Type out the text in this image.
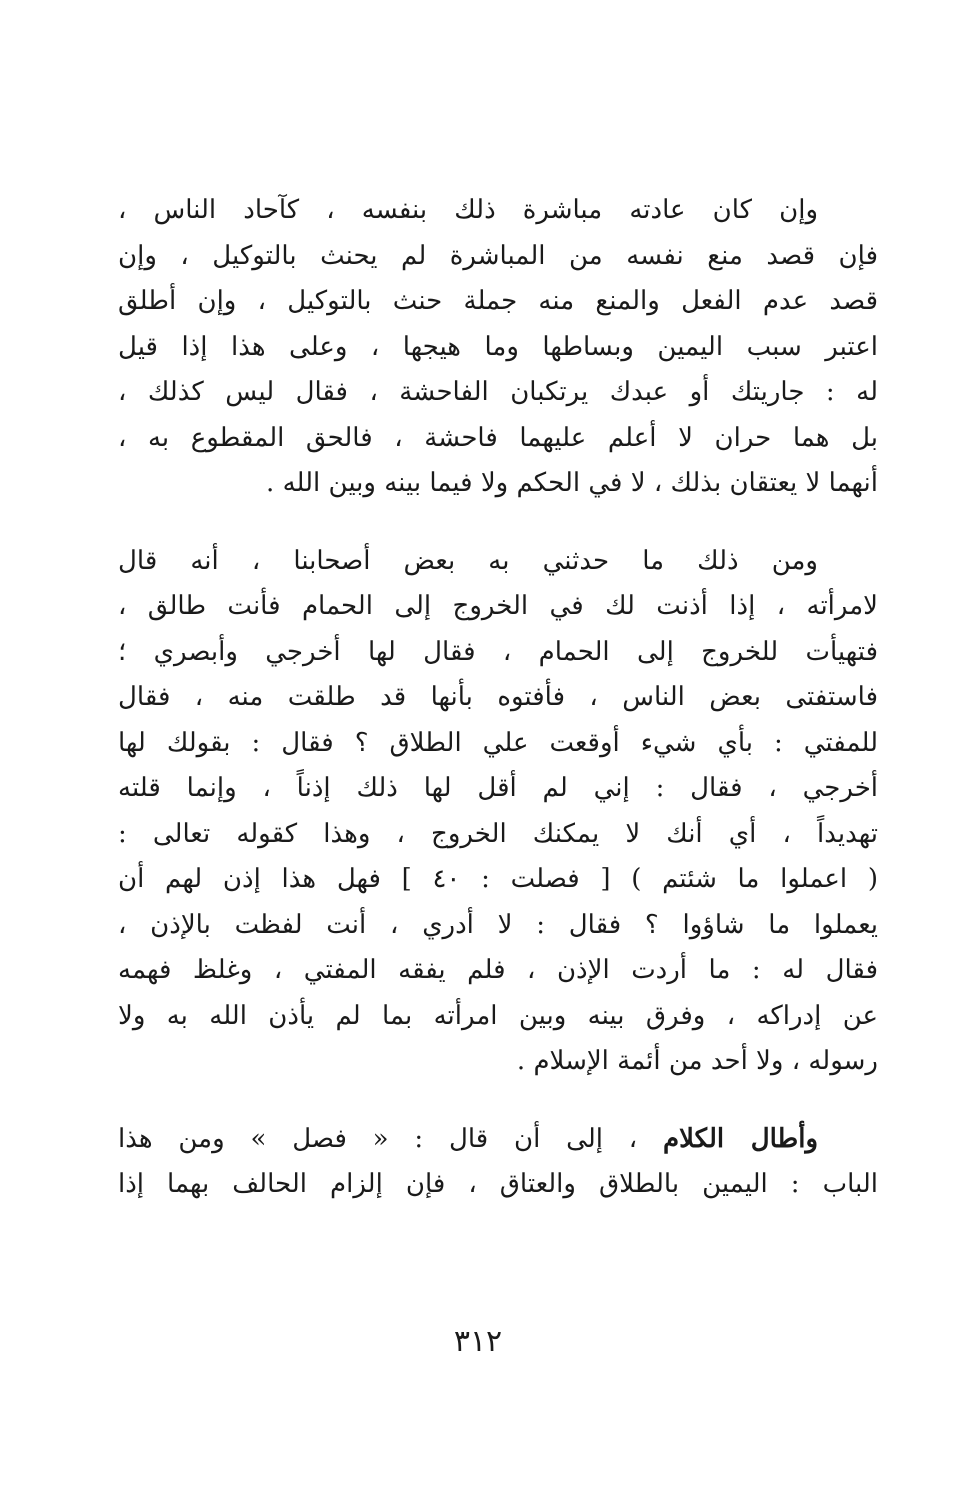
وإن كان عادته مباشرة ذلك بنفسه ، كآحاد الناس ،
فإن قصد منع نفسه من المباشرة لم يحنث بالتوكيل ، وإن
قصد عدم الفعل والمنع منه جملة حنث بالتوكيل ، وإن أطلق
اعتبر سبب اليمين وبساطها وما هيجها ، وعلى هذا إذا قيل
له : جاريتك أو عبدك يرتكبان الفاحشة ، فقال ليس كذلك ،
بل هما حران لا أعلم عليهما فاحشة ، فالحق المقطوع به ،
أنهما لا يعتقان بذلك ، لا في الحكم ولا فيما بينه وبين الله .
ومن ذلك ما حدثني به بعض أصحابنا ، أنه قال
لامرأته ، إذا أذنت لك في الخروج إلى الحمام فأنت طالق ،
فتهيأت للخروج إلى الحمام ، فقال لها أخرجي وأبصري ؛
فاستفتى بعض الناس ، فأفتوه بأنها قد طلقت منه ، فقال
للمفتي : بأي شيء أوقعت علي الطلاق ؟ فقال : بقولك لها
أخرجي ، فقال : إني لم أقل لها ذلك إذناً ، وإنما قلته
تهديداً ، أي أنك لا يمكنك الخروج ، وهذا كقوله تعالى :
( اعملوا ما شئتم ) [ فصلت : ٤٠ ] فهل هذا إذن لهم أن
يعملوا ما شاؤوا ؟ فقال : لا أدري ، أنت لفظت بالإذن ،
فقال له : ما أردت الإذن ، فلم يفقه المفتي ، وغلظ فهمه
عن إدراكه ، وفرق بينه وبين امرأته بما لم يأذن الله به ولا
رسوله ، ولا أحد من أئمة الإسلام .
وأطال الكلام ، إلى أن قال : « فصل » ومن هذا
الباب : اليمين بالطلاق والعتاق ، فإن إلزام الحالف بهما إذا
٣١٢
